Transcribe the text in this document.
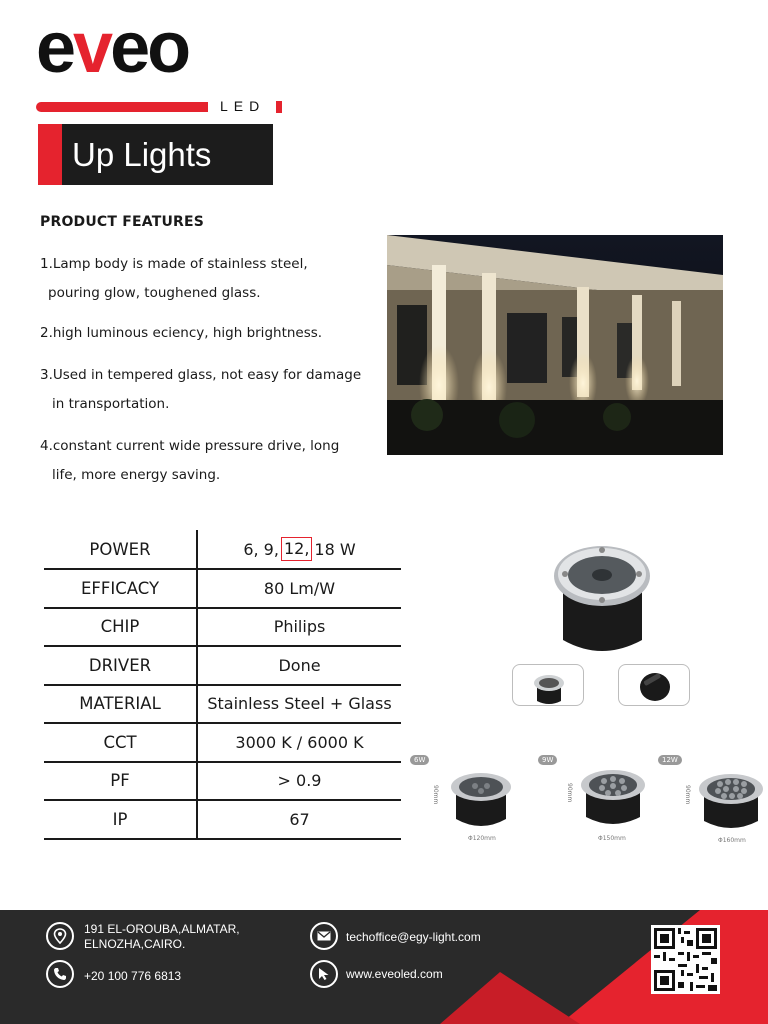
eveo
LED
Up Lights
PRODUCT FEATURES
1.Lamp body is made of stainless steel,
pouring glow, toughened glass.
2.high luminous eciency, high brightness.
3.Used in tempered glass, not easy for damage
in transportation.
4.constant current wide pressure drive, long
life, more energy saving.
POWER	6, 9, 12, 18 W
EFFICACY	80 Lm/W
CHIP	Philips
DRIVER	Done
MATERIAL	Stainless Steel + Glass
CCT	3000 K / 6000 K
PF	> 0.9
IP	67
6W
90mm
Φ120mm
9W
90mm
Φ150mm
12W
90mm
Φ160mm
191 EL-OROUBA,ALMATAR,
ELNOZHA,CAIRO.
+20 100 776 6813
techoffice@egy-light.com
www.eveoled.com
